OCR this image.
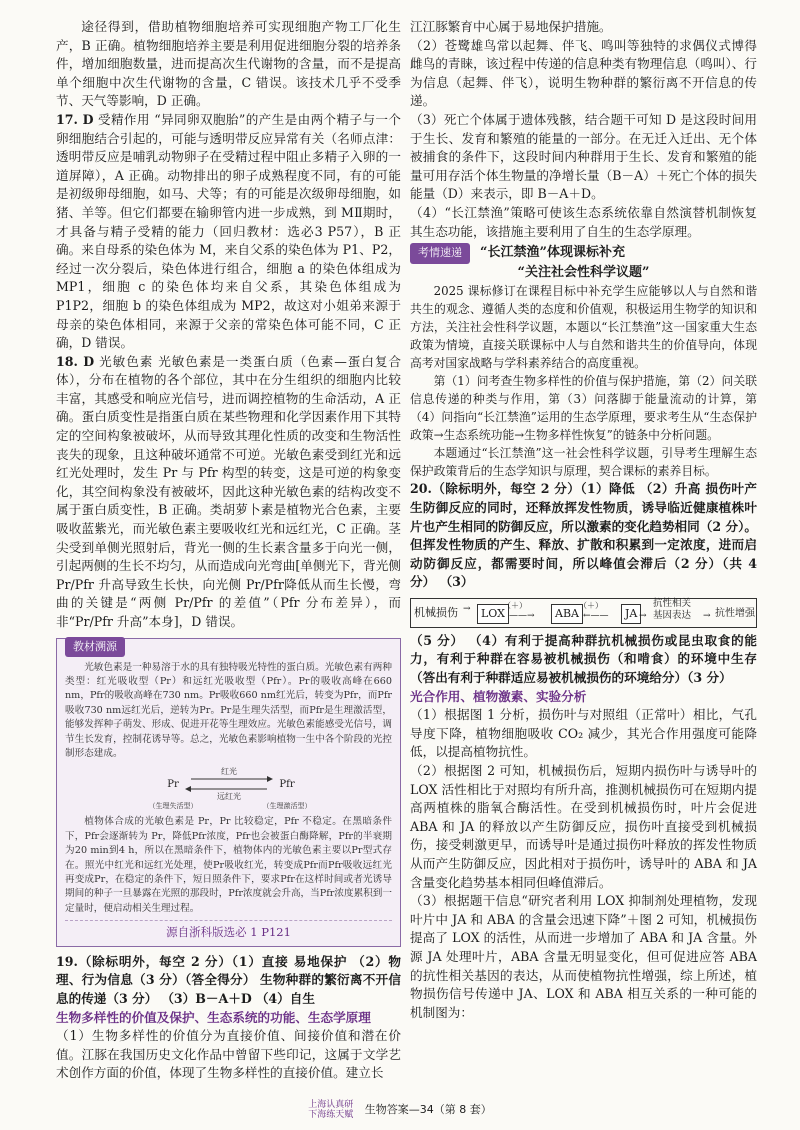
途径得到，借助植物细胞培养可实现细胞产物工厂化生产，B 正确。植物细胞培养主要是利用促进细胞分裂的培养条件，增加细胞数量，进而提高次生代谢物的含量，而不是提高单个细胞中次生代谢物的含量，C 错误。该技术几乎不受季节、天气等影响，D 正确。

17. D 受精作用 “异同卵双胞胎”的产生是由两个精子与一个卵细胞结合引起的，可能与透明带反应异常有关（名师点津：透明带反应是哺乳动物卵子在受精过程中阻止多精子入卵的一道屏障），A 正确。动物排出的卵子成熟程度不同，有的可能是初级卵母细胞，如马、犬等；有的可能是次级卵母细胞，如猪、羊等。但它们都要在输卵管内进一步成熟，到 MⅡ期时，才具备与精子受精的能力（回归教材：选必3 P57），B 正确。来自母系的染色体为 M，来自父系的染色体为 P1、P2，经过一次分裂后，染色体进行组合，细胞 a 的染色体组成为 MP1，细胞 c 的染色体均来自父系，其染色体组成为 P1P2，细胞 b 的染色体组成为 MP2，故这对小姐弟来源于母亲的染色体相同，来源于父亲的常染色体可能不同，C 正确，D 错误。

18. D 光敏色素 光敏色素是一类蛋白质（色素—蛋白复合体），分布在植物的各个部位，其中在分生组织的细胞内比较丰富，其感受和响应光信号，进而调控植物的生命活动，A 正确。蛋白质变性是指蛋白质在某些物理和化学因素作用下其特定的空间构象被破坏，从而导致其理化性质的改变和生物活性丧失的现象，且这种破坏通常不可逆。光敏色素受到红光和远红光处理时，发生 Pr 与 Pfr 构型的转变，这是可逆的构象变化，其空间构象没有被破坏，因此这种光敏色素的结构改变不属于蛋白质变性，B 正确。类胡萝卜素是植物光合色素，主要吸收蓝紫光，而光敏色素主要吸收红光和远红光，C 正确。茎尖受到单侧光照射后，背光一侧的生长素含量多于向光一侧，引起两侧的生长不均匀，从而造成向光弯曲[单侧光下，背光侧 Pr/Pfr 升高导致生长快，向光侧 Pr/Pfr降低从而生长慢，弯曲的关键是“两侧 Pr/Pfr 的差值”（Pfr 分布差异），而非“Pr/Pfr 升高”本身]，D 错误。

教材溯源
光敏色素是一种易溶于水的具有独特吸光特性的蛋白质。光敏色素有两种类型：红光吸收型（Pr）和远红光吸收型（Pfr）。Pr的吸收高峰在660 nm，Pfr的吸收高峰在730 nm。Pr吸收660 nm红光后，转变为Pfr，而Pfr吸收730 nm远红光后，逆转为Pr。Pr是生理失活型，而Pfr是生理激活型，能够发挥种子萌发、形成、促进开花等生理效应。光敏色素能感受光信号，调节生长发育，控制花诱导等。总之，光敏色素影响植物一生中各个阶段的光控制形态建成。
红光
Pr	Pfr
远红光
（生理失活型）	（生理激活型）
植物体合成的光敏色素是 Pr，Pr 比较稳定，Pfr 不稳定。在黑暗条件下，Pfr会逐渐转为 Pr，降低Pfr浓度，Pfr也会被蛋白酶降解，Pfr的半衰期为20 min到4 h，所以在黑暗条件下，植物体内的光敏色素主要以Pr型式存在。照光中红光和远红光处理，使Pr吸收红光，转变成Pfr而Pfr吸收远红光再变成Pr，在稳定的条件下，短日照条件下，要求Pfr在这样时间或者光诱导期间的种子一旦暴露在光照的那段时，Pfr浓度就会升高，当Pfr浓度累积到一定量时，便启动相关生理过程。
源自浙科版选必 1 P121

19.（除标明外，每空 2 分）（1）直接 易地保护 （2）物理、行为信息（3 分）（答全得分） 生物种群的繁衍离不开信息的传递（3 分） （3）B－A＋D （4）自生

生物多样性的价值及保护、生态系统的功能、生态学原理

（1）生物多样性的价值分为直接价值、间接价值和潜在价值。江豚在我国历史文化作品中曾留下些印记，这属于文学艺术创作方面的价值，体现了生物多样性的直接价值。建立长

江江豚繁育中心属于易地保护措施。

（2）苍鹭雄鸟常以起舞、伴飞、鸣叫等独特的求偶仪式博得雌鸟的青睐，该过程中传递的信息种类有物理信息（鸣叫）、行为信息（起舞、伴飞），说明生物种群的繁衍离不开信息的传递。

（3）死亡个体属于遗体残骸，结合题干可知 D 是这段时间用于生长、发育和繁殖的能量的一部分。在无迁入迁出、无个体被捕食的条件下，这段时间内种群用于生长、发育和繁殖的能量可用存活个体生物量的净增长量（B－A）＋死亡个体的损失能量（D）来表示，即 B－A＋D。

（4）“长江禁渔”策略可使该生态系统依靠自然演替机制恢复其生态功能，该措施主要利用了自生的生态学原理。

考情速递 “长江禁渔”体现课标补充

“关注社会性科学议题”

2025 课标修订在课程目标中补充学生应能够以人与自然和谐共生的观念、遵循人类的态度和价值观，积极运用生物学的知识和方法，关注社会性科学议题，本题以“长江禁渔”这一国家重大生态政策为情境，直接关联课标中人与自然和谐共生的价值导向，体现高考对国家战略与学科素养结合的高度重视。

第（1）问考查生物多样性的价值与保护措施，第（2）问关联信息传递的种类与作用，第（3）问落脚于能量流动的计算，第（4）问指向“长江禁渔”运用的生态学原理，要求考生从“生态保护政策→生态系统功能→生物多样性恢复”的链条中分析问题。

本题通过“长江禁渔”这一社会性科学议题，引导考生理解生态保护政策背后的生态学知识与原理，契合课标的素养目标。

20.（除标明外，每空 2 分）（1）降低 （2）升高 损伤叶产生防御反应的同时，还释放挥发性物质，诱导临近健康植株叶片也产生相同的防御反应，所以激素的变化趋势相同（2 分）。但挥发性物质的产生、释放、扩散和积累到一定浓度，进而启动防御反应，都需要时间，所以峰值会滞后（2 分）（共 4 分） （3）

机械损伤 → LOX
（＋）
——→	ABA
（＋）
←——	JA →
抗性相关
基因表达 → 抗性增强

（5 分） （4）有利于提高种群抗机械损伤或昆虫取食的能力，有利于种群在容易被机械损伤（和啃食）的环境中生存（答出有利于种群适应易被机械损伤的环境给分）（3 分）

光合作用、植物激素、实验分析

（1）根据图 1 分析，损伤叶与对照组（正常叶）相比，气孔导度下降，植物细胞吸收 CO₂ 减少，其光合作用强度可能降低，以提高植物抗性。

（2）根据图 2 可知，机械损伤后，短期内损伤叶与诱导叶的 LOX 活性相比于对照均有所升高，推测机械损伤可在短期内提高两植株的脂氧合酶活性。在受到机械损伤时，叶片会促进 ABA 和 JA 的释放以产生防御反应，损伤叶直接受到机械损伤，接受刺激更早，而诱导叶是通过损伤叶释放的挥发性物质从而产生防御反应，因此相对于损伤叶，诱导叶的 ABA 和 JA 含量变化趋势基本相同但峰值滞后。

（3）根据题干信息“研究者利用 LOX 抑制剂处理植物，发现叶片中 JA 和 ABA 的含量会迅速下降”＋图 2 可知，机械损伤提高了 LOX 的活性，从而进一步增加了 ABA 和 JA 含量。外源 JA 处理叶片，ABA 含量无明显变化，但可促进应答 ABA 的抗性相关基因的表达，从而使植物抗性增强，综上所述，植物损伤信号传递中 JA、LOX 和 ABA 相互关系的一种可能的机制图为：

上海认真研
下海练天赋 生物答案—34（第 8 套）
